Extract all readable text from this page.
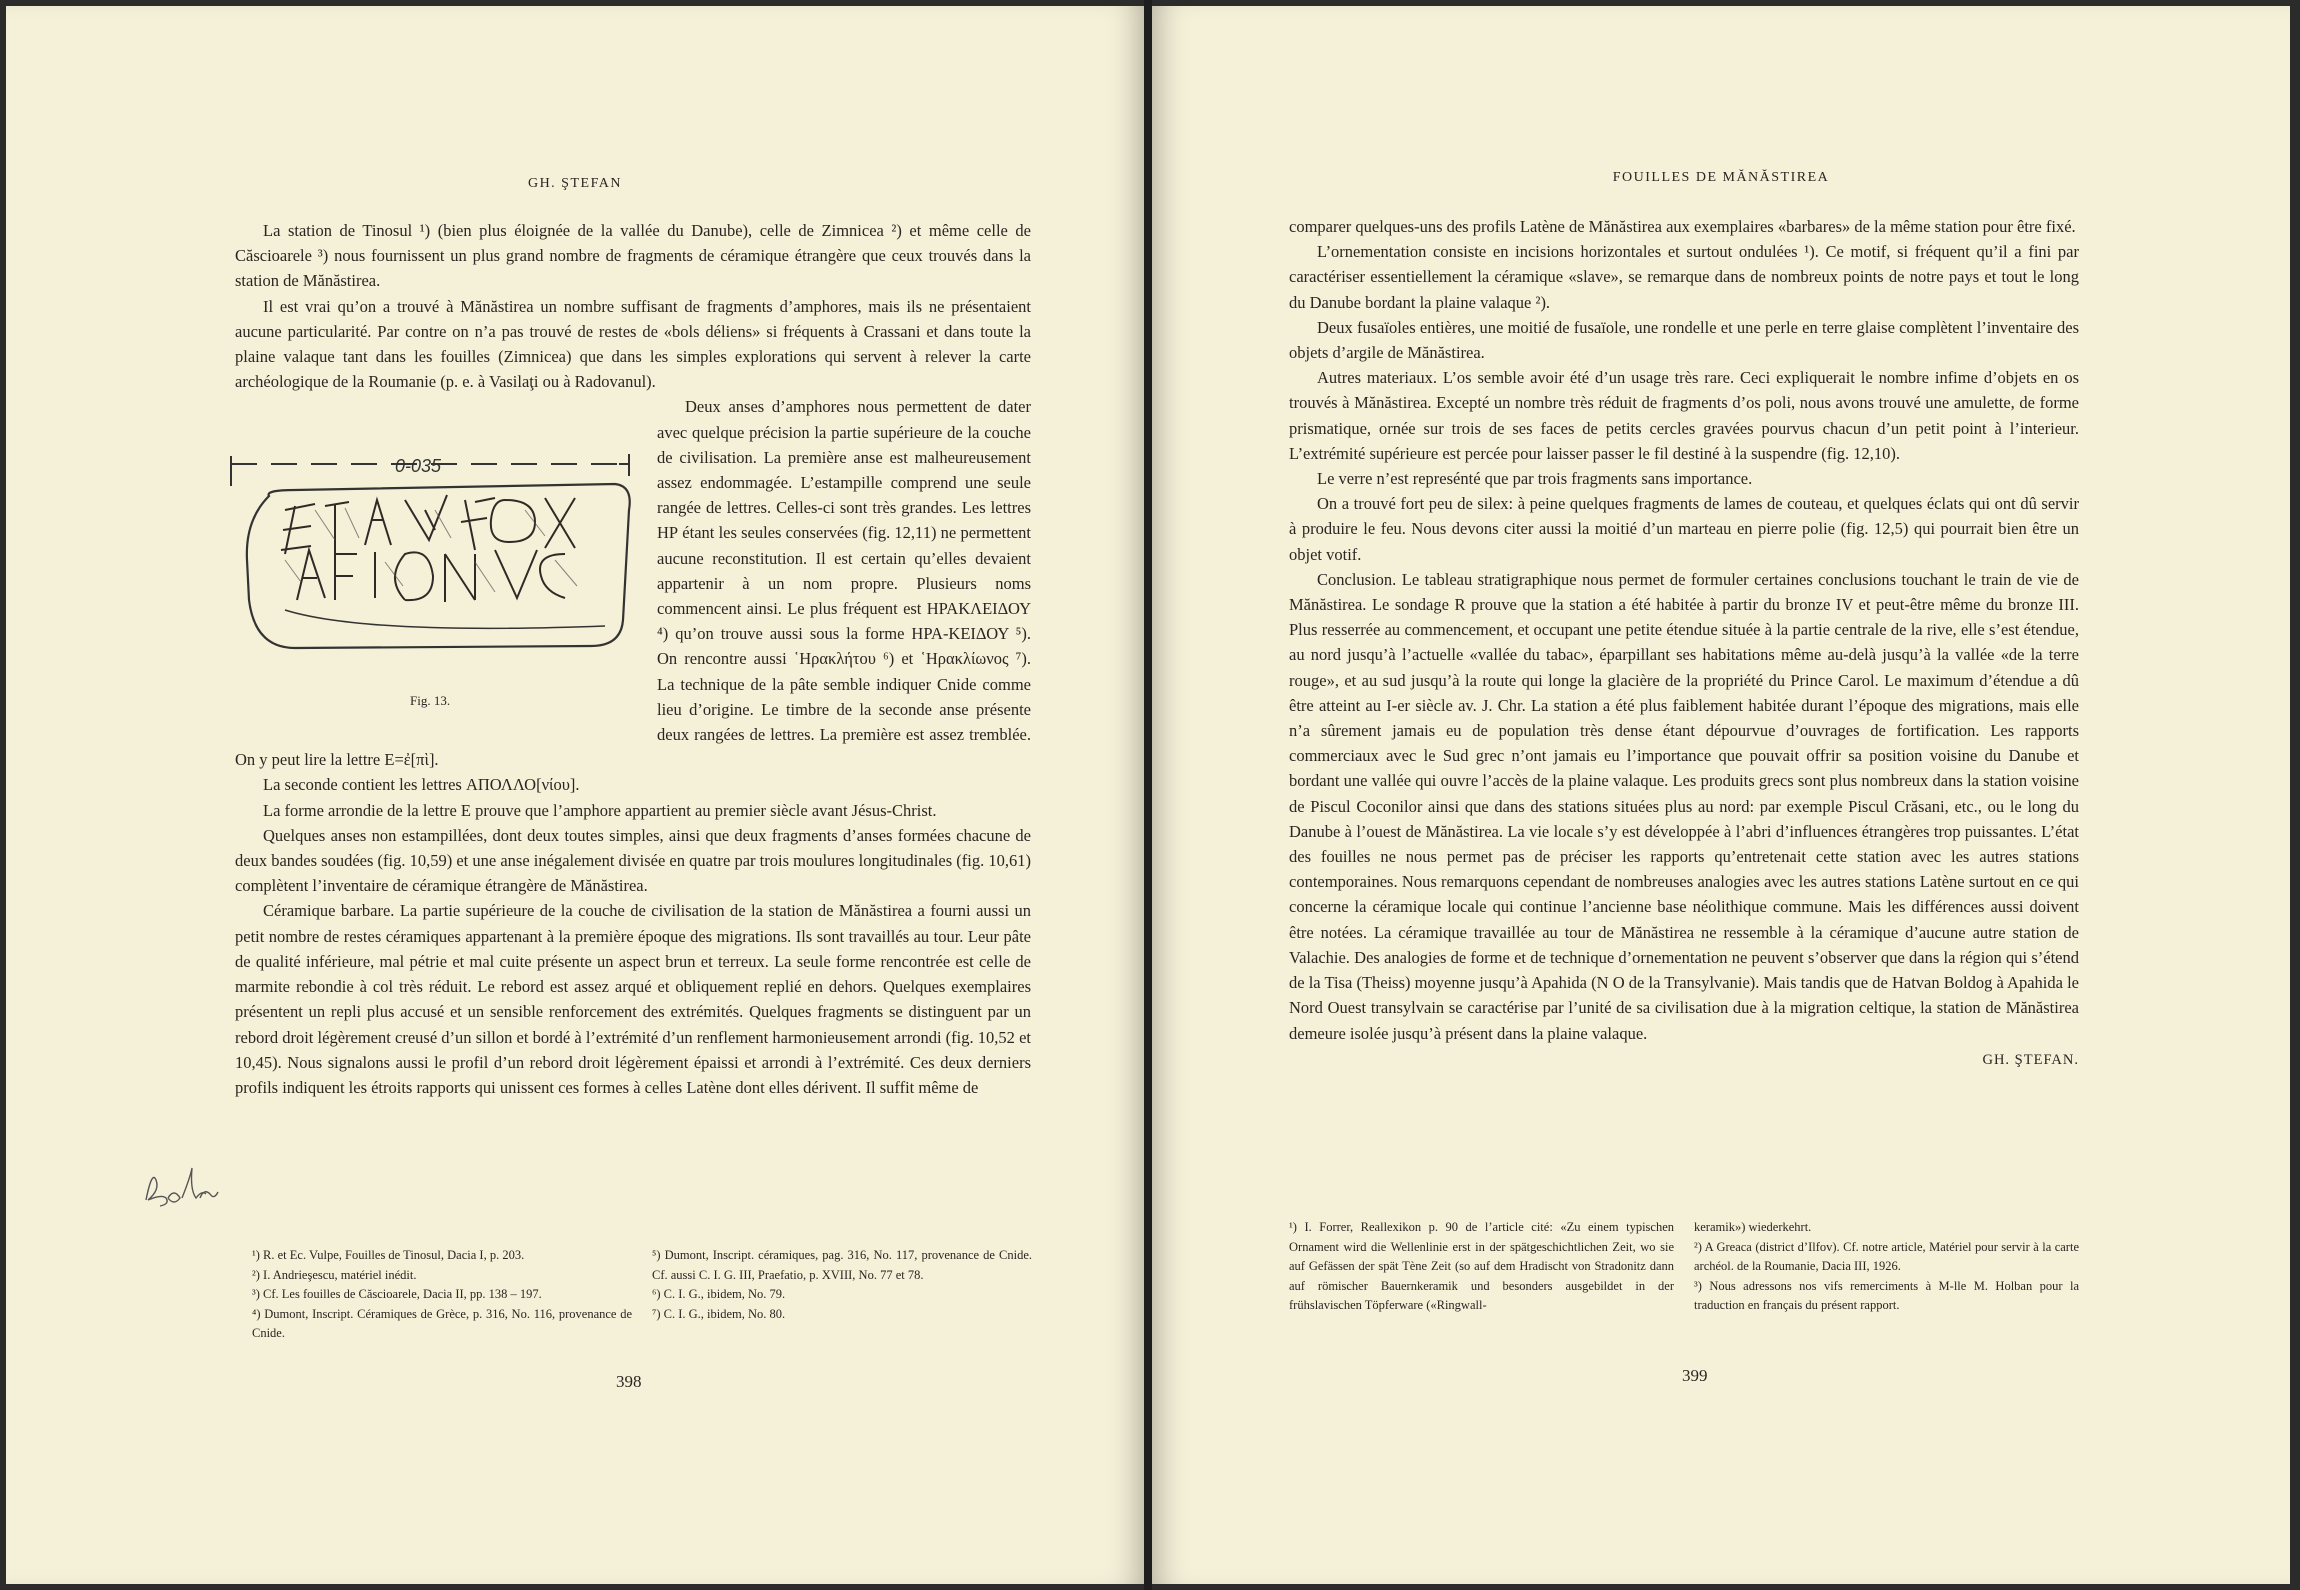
GH. ŞTEFAN

La station de Tinosul ¹) (bien plus éloignée de la vallée du Danube), celle de Zimnicea ²) et même celle de Căscioarele ³) nous fournissent un plus grand nombre de fragments de céramique étrangère que ceux trouvés dans la station de Mănăstirea.

Il est vrai qu’on a trouvé à Mănăstirea un nombre suffisant de fragments d’amphores, mais ils ne présentaient aucune particularité. Par contre on n’a pas trouvé de restes de «bols déliens» si fréquents à Crassani et dans toute la plaine valaque tant dans les fouilles (Zimnicea) que dans les simples explorations qui servent à relever la carte archéologique de la Roumanie (p. e. à Vasilaţi ou à Radovanul).

0-035
Fig. 13.

Deux anses d’amphores nous permettent de dater avec quelque précision la partie supérieure de la couche de civilisation. La première anse est malheureusement assez endommagée. L’estampille comprend une seule rangée de lettres. Celles-ci sont très grandes. Les lettres ΗΡ étant les seules conservées (fig. 12,11) ne permettent aucune reconstitution. Il est certain qu’elles devaient appartenir à un nom propre. Plusieurs noms commencent ainsi. Le plus fréquent est ΗΡΑΚΛΕΙΔΟΥ ⁴) qu’on trouve aussi sous la forme ΗΡΑ-ΚΕΙΔΟΥ ⁵). On rencontre aussi ῾Ηρακλήτου ⁶) et ῾Ηρακλίωνος ⁷). La technique de la pâte semble indiquer Cnide comme lieu d’origine. Le timbre de la seconde anse présente deux rangées de lettres. La première est assez tremblée. On y peut lire la lettre Ε=ἐ[πὶ].

La seconde contient les lettres ΑΠΟΛΛΟ[νίου].

La forme arrondie de la lettre Ε prouve que l’amphore appartient au premier siècle avant Jésus-Christ.

Quelques anses non estampillées, dont deux toutes simples, ainsi que deux fragments d’anses formées chacune de deux bandes soudées (fig. 10,59) et une anse inégalement divisée en quatre par trois moulures longitudinales (fig. 10,61) complètent l’inventaire de céramique étrangère de Mănăstirea.

Céramique barbare. La partie supérieure de la couche de civilisation de la station de Mănăstirea a fourni aussi un petit nombre de restes céramiques appartenant à la première époque des migrations. Ils sont travaillés au tour. Leur pâte de qualité inférieure, mal pétrie et mal cuite présente un aspect brun et terreux. La seule forme rencontrée est celle de marmite rebondie à col très réduit. Le rebord est assez arqué et obliquement replié en dehors. Quelques exemplaires présentent un repli plus accusé et un sensible renforcement des extrémités. Quelques fragments se distinguent par un rebord droit légèrement creusé d’un sillon et bordé à l’extrémité d’un renflement harmonieusement arrondi (fig. 10,52 et 10,45). Nous signalons aussi le profil d’un rebord droit légèrement épaissi et arrondi à l’extrémité. Ces deux derniers profils indiquent les étroits rapports qui unissent ces formes à celles Latène dont elles dérivent. Il suffit même de

¹) R. et Ec. Vulpe, Fouilles de Tinosul, Dacia I, p. 203.

²) I. Andrieşescu, matériel inédit.

³) Cf. Les fouilles de Căscioarele, Dacia II, pp. 138 – 197.

⁴) Dumont, Inscript. Céramiques de Grèce, p. 316, No. 116, provenance de Cnide.

⁵) Dumont, Inscript. céramiques, pag. 316, No. 117, provenance de Cnide. Cf. aussi C. I. G. III, Praefatio, p. XVIII, No. 77 et 78.

⁶) C. I. G., ibidem, No. 79.

⁷) C. I. G., ibidem, No. 80.

398
FOUILLES DE MĂNĂSTIREA

comparer quelques-uns des profils Latène de Mănăstirea aux exemplaires «barbares» de la même station pour être fixé.

L’ornementation consiste en incisions horizontales et surtout ondulées ¹). Ce motif, si fréquent qu’il a fini par caractériser essentiellement la céramique «slave», se remarque dans de nombreux points de notre pays et tout le long du Danube bordant la plaine valaque ²).

Deux fusaïoles entières, une moitié de fusaïole, une rondelle et une perle en terre glaise complètent l’inventaire des objets d’argile de Mănăstirea.

Autres materiaux. L’os semble avoir été d’un usage très rare. Ceci expliquerait le nombre infime d’objets en os trouvés à Mănăstirea. Excepté un nombre très réduit de fragments d’os poli, nous avons trouvé une amulette, de forme prismatique, ornée sur trois de ses faces de petits cercles gravées pourvus chacun d’un petit point à l’interieur. L’extrémité supérieure est percée pour laisser passer le fil destiné à la suspendre (fig. 12,10).

Le verre n’est represénté que par trois fragments sans importance.

On a trouvé fort peu de silex: à peine quelques fragments de lames de couteau, et quelques éclats qui ont dû servir à produire le feu. Nous devons citer aussi la moitié d’un marteau en pierre polie (fig. 12,5) qui pourrait bien être un objet votif.

Conclusion. Le tableau stratigraphique nous permet de formuler certaines conclusions touchant le train de vie de Mănăstirea. Le sondage R prouve que la station a été habitée à partir du bronze IV et peut-être même du bronze III. Plus resserrée au commencement, et occupant une petite étendue située à la partie centrale de la rive, elle s’est étendue, au nord jusqu’à l’actuelle «vallée du tabac», éparpillant ses habitations même au-delà jusqu’à la vallée «de la terre rouge», et au sud jusqu’à la route qui longe la glacière de la propriété du Prince Carol. Le maximum d’étendue a dû être atteint au I-er siècle av. J. Chr. La station a été plus faiblement habitée durant l’époque des migrations, mais elle n’a sûrement jamais eu de population très dense étant dépourvue d’ouvrages de fortification. Les rapports commerciaux avec le Sud grec n’ont jamais eu l’importance que pouvait offrir sa position voisine du Danube et bordant une vallée qui ouvre l’accès de la plaine valaque. Les produits grecs sont plus nombreux dans la station voisine de Piscul Coconilor ainsi que dans des stations situées plus au nord: par exemple Piscul Crăsani, etc., ou le long du Danube à l’ouest de Mănăstirea. La vie locale s’y est développée à l’abri d’influences étrangères trop puissantes. L’état des fouilles ne nous permet pas de préciser les rapports qu’entretenait cette station avec les autres stations contemporaines. Nous remarquons cependant de nombreuses analogies avec les autres stations Latène surtout en ce qui concerne la céramique locale qui continue l’ancienne base néolithique commune. Mais les différences aussi doivent être notées. La céramique travaillée au tour de Mănăstirea ne ressemble à la céramique d’aucune autre station de Valachie. Des analogies de forme et de technique d’ornementation ne peuvent s’observer que dans la région qui s’étend de la Tisa (Theiss) moyenne jusqu’à Apahida (N O de la Transylvanie). Mais tandis que de Hatvan Boldog à Apahida le Nord Ouest transylvain se caractérise par l’unité de sa civilisation due à la migration celtique, la station de Mănăstirea demeure isolée jusqu’à présent dans la plaine valaque.

GH. ŞTEFAN.

¹) I. Forrer, Reallexikon p. 90 de l’article cité: «Zu einem typischen Ornament wird die Wellenlinie erst in der spätgeschichtlichen Zeit, wo sie auf Gefässen der spät Tène Zeit (so auf dem Hradischt von Stradonitz dann auf römischer Bauernkeramik und besonders ausgebildet in der frühslavischen Töpferware («Ringwall-

keramik») wiederkehrt.

²) A Greaca (district d’Ilfov). Cf. notre article, Matériel pour servir à la carte archéol. de la Roumanie, Dacia III, 1926.

³) Nous adressons nos vifs remerciments à M-lle M. Holban pour la traduction en français du présent rapport.

399
